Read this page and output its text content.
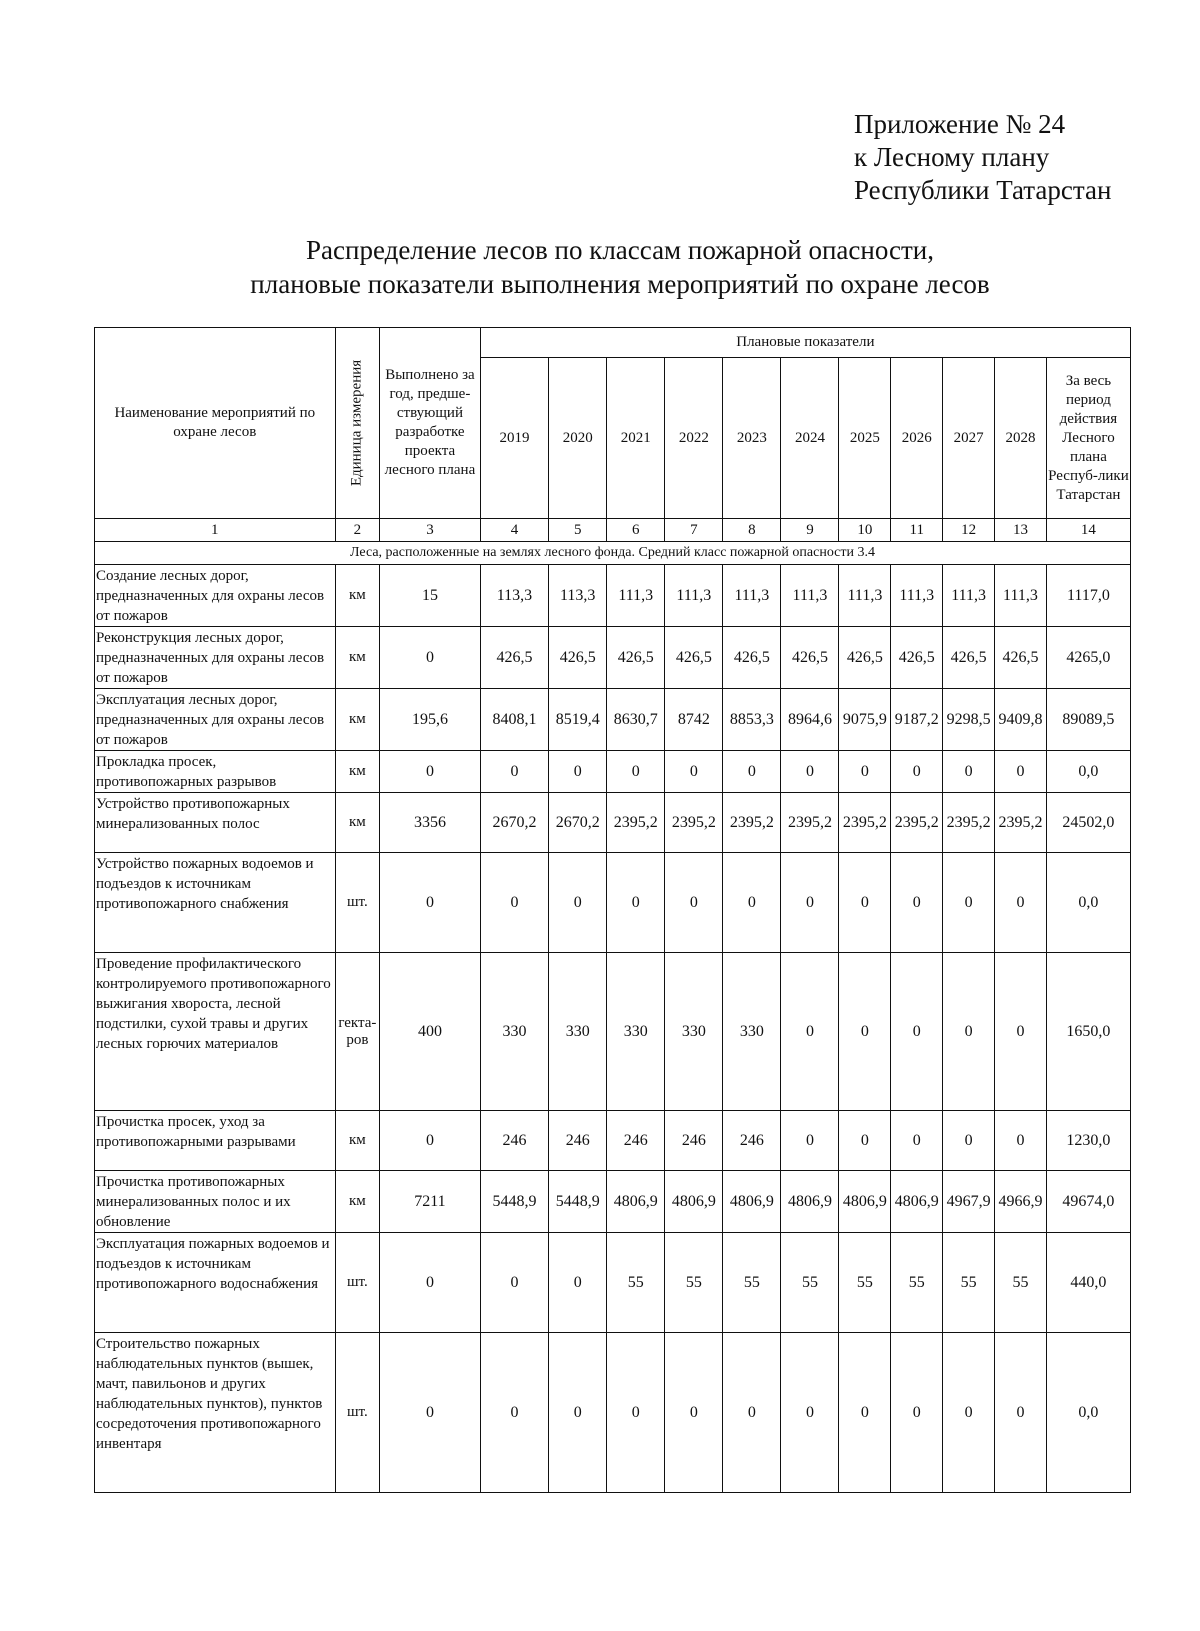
Приложение № 24
к Лесному плану
Республики Татарстан
Распределение лесов по классам пожарной опасности,
плановые показатели выполнения мероприятий по охране лесов
Наименование мероприятий по охране лесов	Единица измерения	Выполнено за год, предше-ствующий разработке проекта лесного плана	Плановые показатели										
			2019	2020	2021	2022	2023	2024	2025	2026	2027	2028	За весь период действия Лесного плана Респуб-лики Татарстан
1	2	3	4	5	6	7	8	9	10	11	12	13	14
Леса, расположенные на землях лесного фонда. Средний класс пожарной опасности 3.4													
Создание лесных дорог, предназначенных для охраны лесов от пожаров	км	15	113,3	113,3	111,3	111,3	111,3	111,3	111,3	111,3	111,3	111,3	1117,0
Реконструкция лесных дорог, предназначенных для охраны лесов от пожаров	км	0	426,5	426,5	426,5	426,5	426,5	426,5	426,5	426,5	426,5	426,5	4265,0
Эксплуатация лесных дорог, предназначенных для охраны лесов от пожаров	км	195,6	8408,1	8519,4	8630,7	8742	8853,3	8964,6	9075,9	9187,2	9298,5	9409,8	89089,5
Прокладка просек, противопожарных разрывов	км	0	0	0	0	0	0	0	0	0	0	0	0,0
Устройство противопожарных минерализованных полос	км	3356	2670,2	2670,2	2395,2	2395,2	2395,2	2395,2	2395,2	2395,2	2395,2	2395,2	24502,0
Устройство пожарных водоемов и подъездов к источникам противопожарного снабжения	шт.	0	0	0	0	0	0	0	0	0	0	0	0,0
Проведение профилактического контролируемого противопожарного выжигания хвороста, лесной подстилки, сухой травы и других лесных горючих материалов	гекта-ров	400	330	330	330	330	330	0	0	0	0	0	1650,0
Прочистка просек, уход за противопожарными разрывами	км	0	246	246	246	246	246	0	0	0	0	0	1230,0
Прочистка противопожарных минерализованных полос и их обновление	км	7211	5448,9	5448,9	4806,9	4806,9	4806,9	4806,9	4806,9	4806,9	4967,9	4966,9	49674,0
Эксплуатация пожарных водоемов и подъездов к источникам противопожарного водоснабжения	шт.	0	0	0	55	55	55	55	55	55	55	55	440,0
Строительство пожарных наблюдательных пунктов (вышек, мачт, павильонов и других наблюдательных пунктов), пунктов сосредоточения противопожарного инвентаря	шт.	0	0	0	0	0	0	0	0	0	0	0	0,0
